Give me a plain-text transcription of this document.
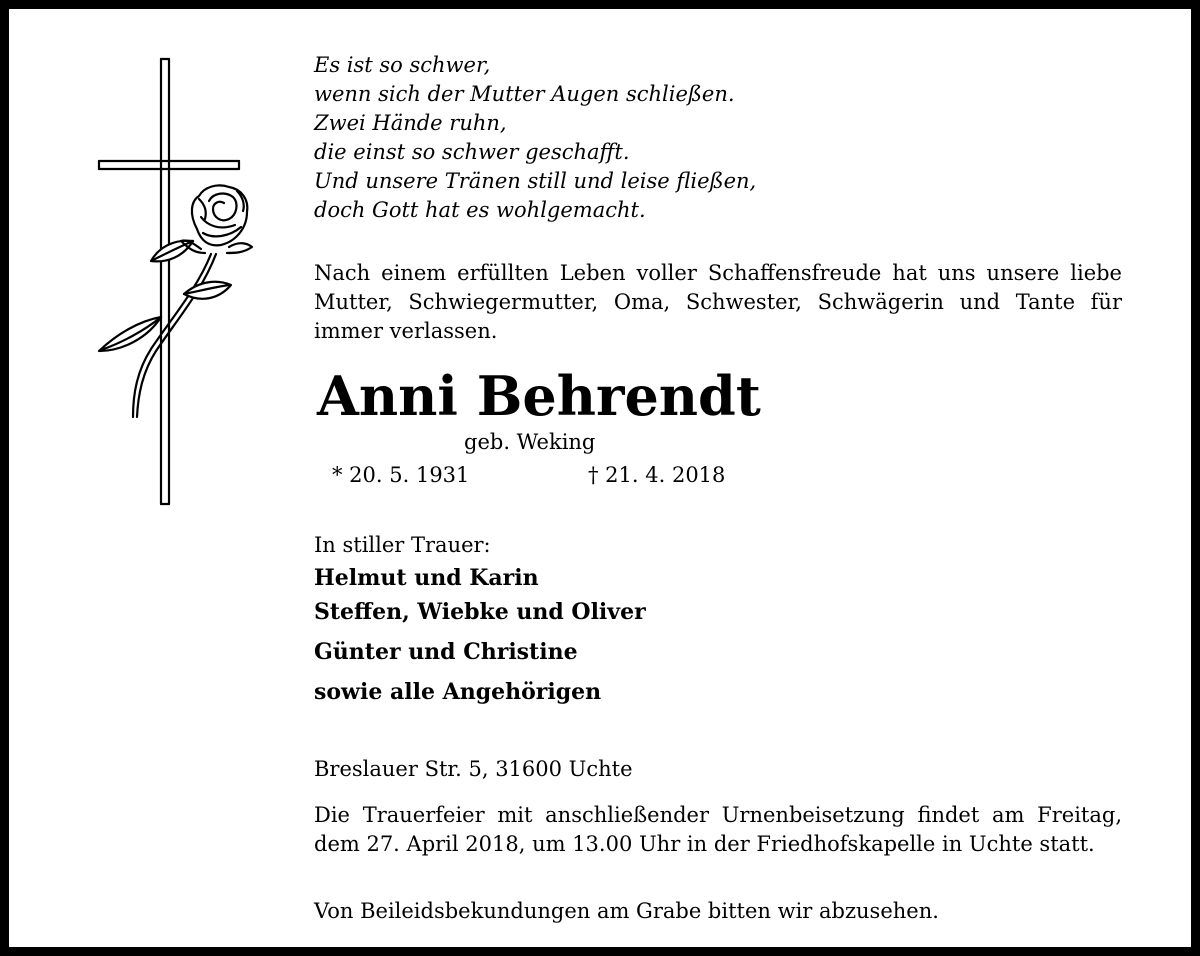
Es ist so schwer,
wenn sich der Mutter Augen schließen.
Zwei Hände ruhn,
die einst so schwer geschafft.
Und unsere Tränen still und leise fließen,
doch Gott hat es wohlgemacht.
Nach einem erfüllten Leben voller Schaffensfreude hat uns unsere liebe Mutter, Schwiegermutter, Oma, Schwester, Schwägerin und Tante für immer verlassen.
Anni Behrendt
geb. Weking
* 20. 5. 1931	† 21. 4. 2018
In stiller Trauer:
Helmut und Karin
Steffen, Wiebke und Oliver
Günter und Christine
sowie alle Angehörigen
Breslauer Str. 5, 31600 Uchte
Die Trauerfeier mit anschließender Urnenbeisetzung findet am Freitag, dem 27. April 2018, um 13.00 Uhr in der Friedhofskapelle in Uchte statt.
Von Beileidsbekundungen am Grabe bitten wir abzusehen.
